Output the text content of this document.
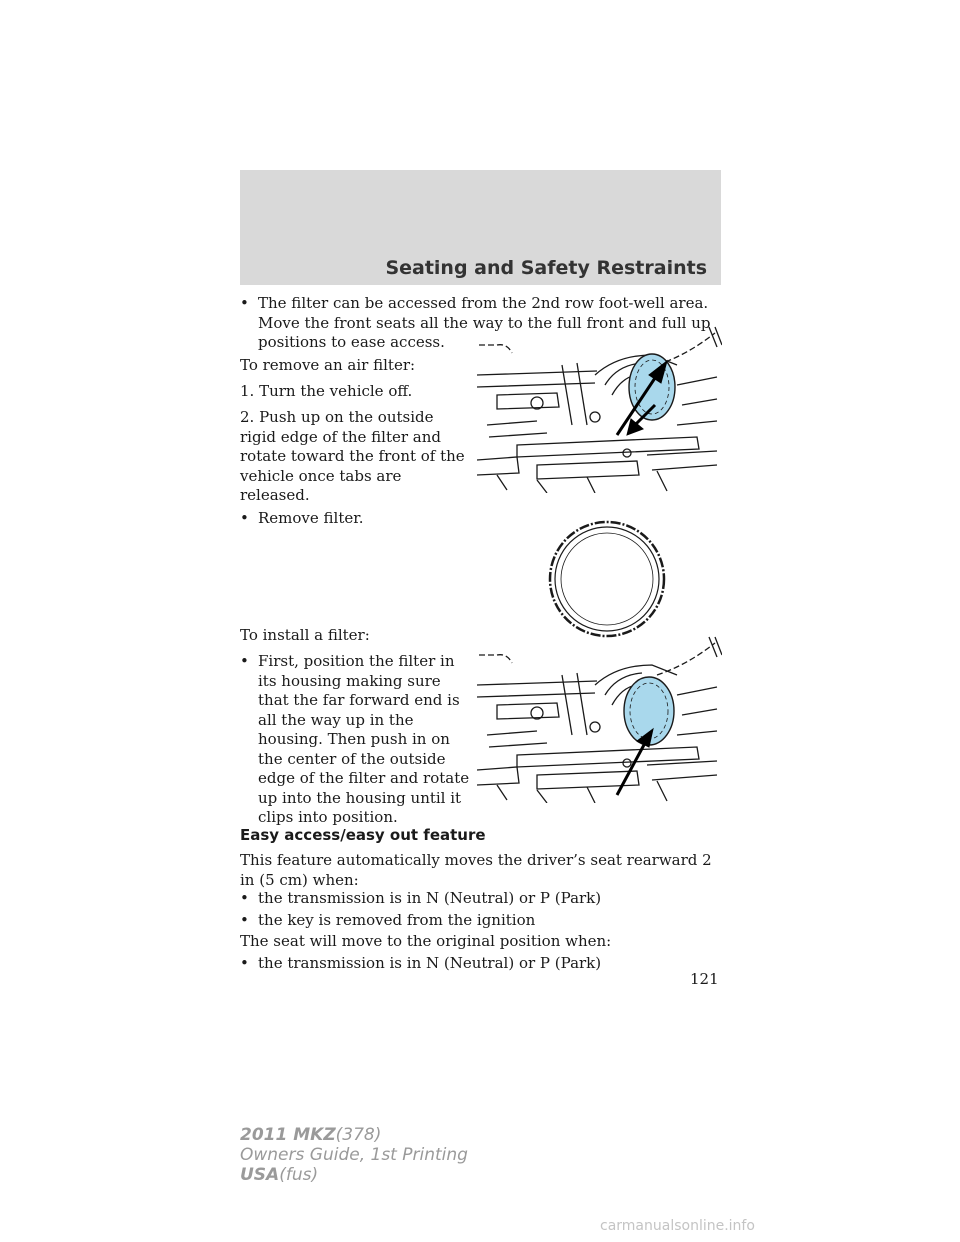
Seating and Safety Restraints
• The filter can be accessed from the 2nd row foot-well area. Move the front seats all the way to the full front and full up positions to ease access.

To remove an air filter:

1. Turn the vehicle off.

2. Push up on the outside rigid edge of the filter and rotate toward the front of the vehicle once tabs are released.

• Remove filter.

To install a filter:

• First, position the filter in its housing making sure that the far forward end is all the way up in the housing. Then push in on the center of the outside edge of the filter and rotate up into the housing until it clips into position.

Easy access/easy out feature

This feature automatically moves the driver’s seat rearward 2 in (5 cm) when:

• the transmission is in N (Neutral) or P (Park)

• the key is removed from the ignition

The seat will move to the original position when:

• the transmission is in N (Neutral) or P (Park)

121
2011 MKZ(378)
Owners Guide, 1st Printing
USA(fus)
carmanualsonline.info
